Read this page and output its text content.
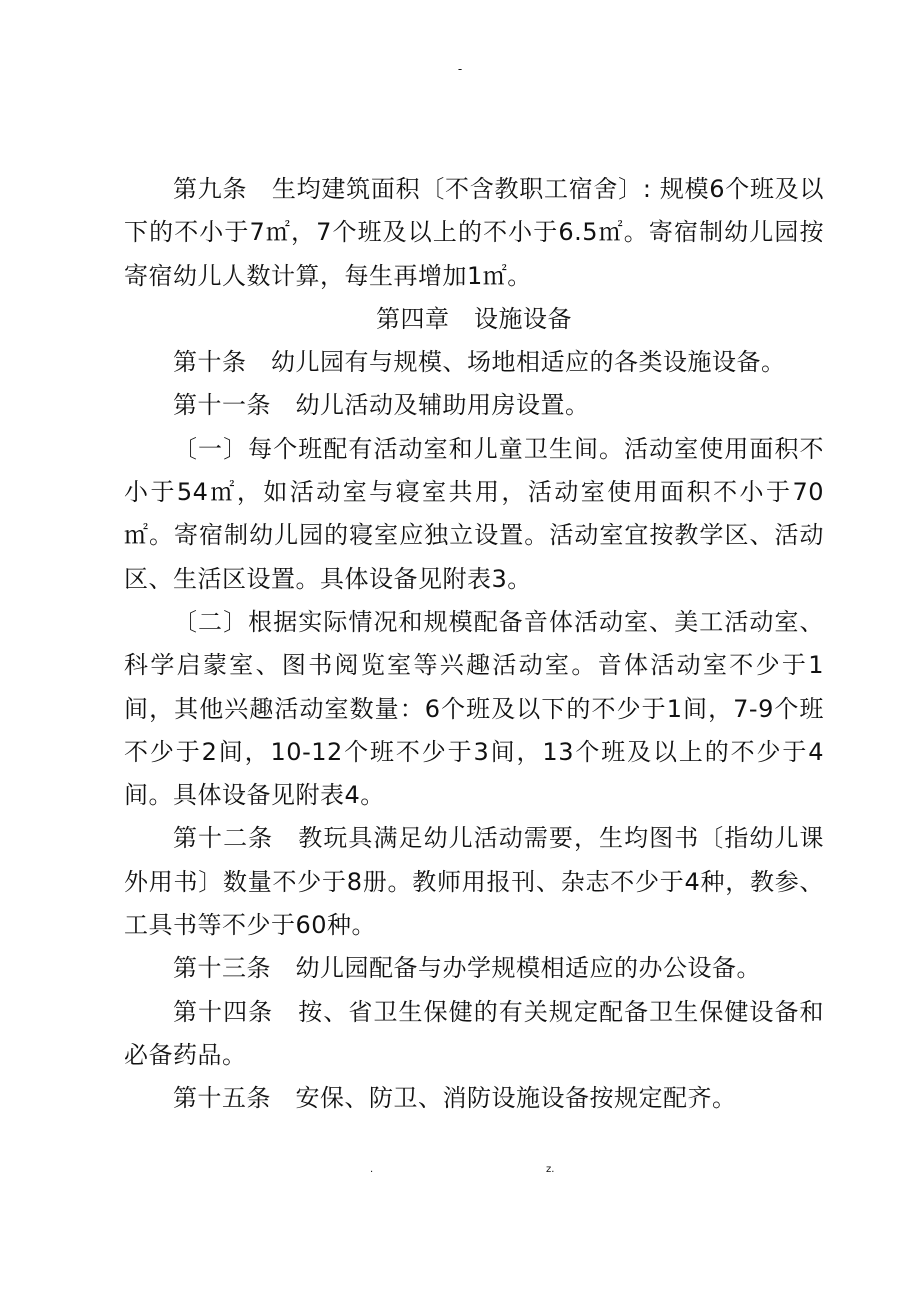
-

第九条　生均建筑面积〔不含教职工宿舍〕: 规模6个班及以下的不小于7㎡，7个班及以上的不小于6.5㎡。寄宿制幼儿园按寄宿幼儿人数计算，每生再增加1㎡。

第四章　设施设备

第十条　幼儿园有与规模、场地相适应的各类设施设备。

第十一条　幼儿活动及辅助用房设置。

〔一〕每个班配有活动室和儿童卫生间。活动室使用面积不小于54㎡，如活动室与寝室共用，活动室使用面积不小于70㎡。寄宿制幼儿园的寝室应独立设置。活动室宜按教学区、活动区、生活区设置。具体设备见附表3。

〔二〕根据实际情况和规模配备音体活动室、美工活动室、科学启蒙室、图书阅览室等兴趣活动室。音体活动室不少于1间，其他兴趣活动室数量：6个班及以下的不少于1间，7-9个班不少于2间，10-12个班不少于3间，13个班及以上的不少于4间。具体设备见附表4。

第十二条　教玩具满足幼儿活动需要，生均图书〔指幼儿课外用书〕数量不少于8册。教师用报刊、杂志不少于4种，教参、工具书等不少于60种。

第十三条　幼儿园配备与办学规模相适应的办公设备。

第十四条　按、省卫生保健的有关规定配备卫生保健设备和必备药品。

第十五条　安保、防卫、消防设施设备按规定配齐。

.	z.
